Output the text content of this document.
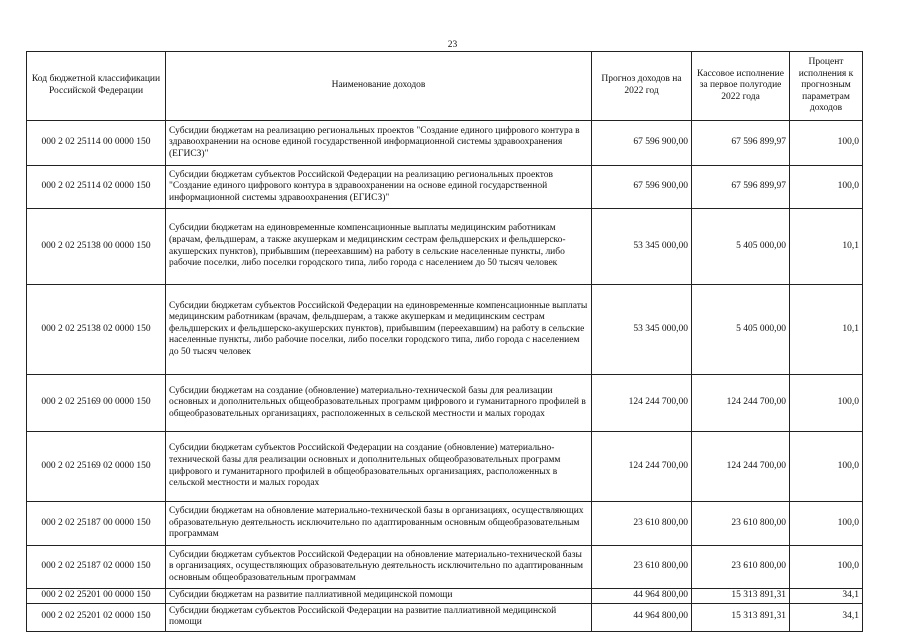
23
Код бюджетной классификации Российской Федерации	Наименование доходов	Прогноз доходов на 2022 год	Кассовое исполнение за первое полугодие 2022 года	Процент исполнения к прогнозным параметрам доходов
000 2 02 25114 00 0000 150	Субсидии бюджетам на реализацию региональных проектов "Создание единого цифрового контура в здравоохранении на основе единой государственной информационной системы здравоохранения (ЕГИСЗ)"	67 596 900,00	67 596 899,97	100,0
000 2 02 25114 02 0000 150	Субсидии бюджетам субъектов Российской Федерации на реализацию региональных проектов "Создание единого цифрового контура в здравоохранении на основе единой государственной информационной системы здравоохранения (ЕГИСЗ)"	67 596 900,00	67 596 899,97	100,0
000 2 02 25138 00 0000 150	Субсидии бюджетам на единовременные компенсационные выплаты медицинским работникам (врачам, фельдшерам, а также акушеркам и медицинским сестрам фельдшерских и фельдшерско-акушерских пунктов), прибывшим (переехавшим) на работу в сельские населенные пункты, либо рабочие поселки, либо поселки городского типа, либо города с населением до 50 тысяч человек	53 345 000,00	5 405 000,00	10,1
000 2 02 25138 02 0000 150	Субсидии бюджетам субъектов Российской Федерации на единовременные компенсационные выплаты медицинским работникам (врачам, фельдшерам, а также акушеркам и медицинским сестрам фельдшерских и фельдшерско-акушерских пунктов), прибывшим (переехавшим) на работу в сельские населенные пункты, либо рабочие поселки, либо поселки городского типа, либо города с населением до 50 тысяч человек	53 345 000,00	5 405 000,00	10,1
000 2 02 25169 00 0000 150	Субсидии бюджетам на создание (обновление) материально-технической базы для реализации основных и дополнительных общеобразовательных программ цифрового и гуманитарного профилей в общеобразовательных организациях, расположенных в сельской местности и малых городах	124 244 700,00	124 244 700,00	100,0
000 2 02 25169 02 0000 150	Субсидии бюджетам субъектов Российской Федерации на создание (обновление) материально-технической базы для реализации основных и дополнительных общеобразовательных программ цифрового и гуманитарного профилей в общеобразовательных организациях, расположенных в сельской местности и малых городах	124 244 700,00	124 244 700,00	100,0
000 2 02 25187 00 0000 150	Субсидии бюджетам на обновление материально-технической базы в организациях, осуществляющих образовательную деятельность исключительно по адаптированным основным общеобразовательным программам	23 610 800,00	23 610 800,00	100,0
000 2 02 25187 02 0000 150	Субсидии бюджетам субъектов Российской Федерации на обновление материально-технической базы в организациях, осуществляющих образовательную деятельность исключительно по адаптированным основным общеобразовательным программам	23 610 800,00	23 610 800,00	100,0
000 2 02 25201 00 0000 150	Субсидии бюджетам на развитие паллиативной медицинской помощи	44 964 800,00	15 313 891,31	34,1
000 2 02 25201 02 0000 150	Субсидии бюджетам субъектов Российской Федерации на развитие паллиативной медицинской помощи	44 964 800,00	15 313 891,31	34,1
